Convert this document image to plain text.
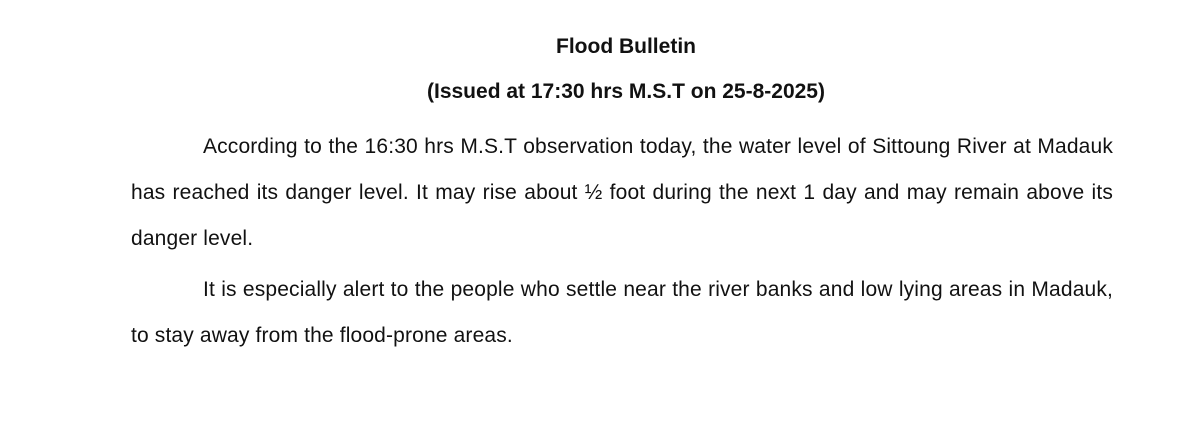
Flood Bulletin
(Issued at 17:30 hrs M.S.T on 25-8-2025)

According to the 16:30 hrs M.S.T observation today, the water level of Sittoung River at Madauk has reached its danger level. It may rise about ½ foot during the next 1 day and may remain above its danger level.

It is especially alert to the people who settle near the river banks and low lying areas in Madauk, to stay away from the flood-prone areas.
